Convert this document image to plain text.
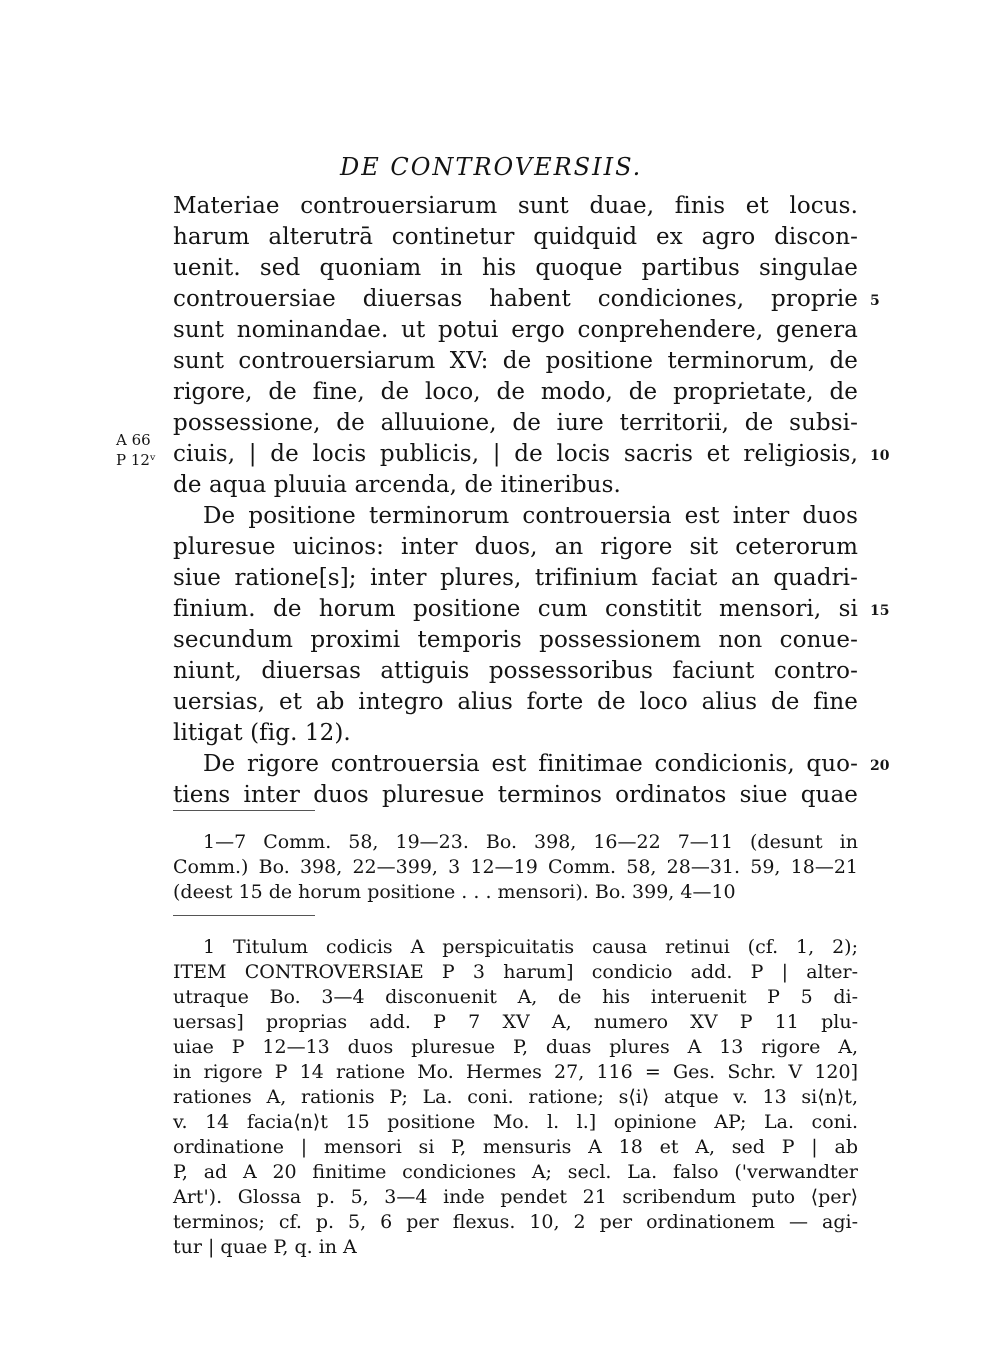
DE CONTROVERSIIS.
Materiae controuersiarum sunt duae, finis et locus.
harum alterutrā continetur quidquid ex agro discon-
uenit. sed quoniam in his quoque partibus singulae
controuersiae diuersas habent condiciones, proprie
sunt nominandae. ut potui ergo conprehendere, genera
sunt controuersiarum XV: de positione terminorum, de
rigore, de fine, de loco, de modo, de proprietate, de
possessione, de alluuione, de iure territorii, de subsi-
ciuis, | de locis publicis, | de locis sacris et religiosis,
de aqua pluuia arcenda, de itineribus.
De positione terminorum controuersia est inter duos
pluresue uicinos: inter duos, an rigore sit ceterorum
siue ratione[s]; inter plures, trifinium faciat an quadri-
finium. de horum positione cum constitit mensori, si
secundum proximi temporis possessionem non conue-
niunt, diuersas attiguis possessoribus faciunt contro-
uersias, et ab integro alius forte de loco alius de fine
litigat (fig. 12).
De rigore controuersia est finitimae condicionis, quo-
tiens inter duos pluresue terminos ordinatos siue quae
5
10
15
20
A 66
P 12ᵛ
1—7 Comm. 58, 19—23. Bo. 398, 16—22 7—11 (desunt in
Comm.) Bo. 398, 22—399, 3 12—19 Comm. 58, 28—31. 59, 18—21
(deest 15 de horum positione . . . mensori). Bo. 399, 4—10
1 Titulum codicis A perspicuitatis causa retinui (cf. 1, 2);
ITEM CONTROVERSIAE P 3 harum] condicio add. P | alter-
utraque Bo. 3—4 disconuenit A, de his interuenit P 5 di-
uersas] proprias add. P 7 XV A, numero XV P 11 plu-
uiae P 12—13 duos pluresue P, duas plures A 13 rigore A,
in rigore P 14 ratione Mo. Hermes 27, 116 = Ges. Schr. V 120]
rationes A, rationis P; La. coni. ratione; s⟨i⟩ atque v. 13 si⟨n⟩t,
v. 14 facia⟨n⟩t 15 positione Mo. l. l.] opinione AP; La. coni.
ordinatione | mensori si P, mensuris A 18 et A, sed P | ab
P, ad A 20 finitime condiciones A; secl. La. falso ('verwandter
Art'). Glossa p. 5, 3—4 inde pendet 21 scribendum puto ⟨per⟩
terminos; cf. p. 5, 6 per flexus. 10, 2 per ordinationem — agi-
tur | quae P, q. in A
